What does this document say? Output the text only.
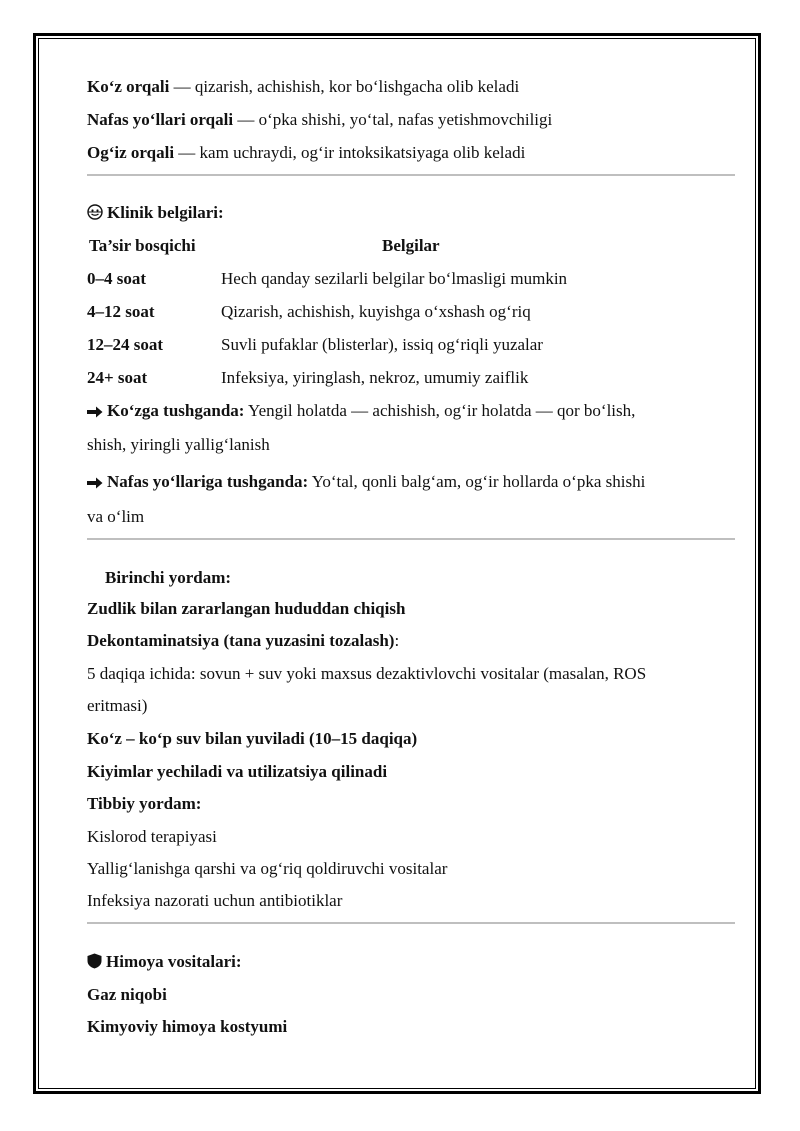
Ko‘z orqali — qizarish, achishish, kor bo‘lishgacha olib keladi
Nafas yo‘llari orqali — o‘pka shishi, yo‘tal, nafas yetishmovchiligi
Og‘iz orqali — kam uchraydi, og‘ir intoksikatsiyaga olib keladi
Klinik belgilari:
Ta’sir bosqichi	Belgilar
0–4 soat	Hech qanday sezilarli belgilar bo‘lmasligi mumkin
4–12 soat	Qizarish, achishish, kuyishga o‘xshash og‘riq
12–24 soat	Suvli pufaklar (blisterlar), issiq og‘riqli yuzalar
24+ soat	Infeksiya, yiringlash, nekroz, umumiy zaiflik
Ko‘zga tushganda: Yengil holatda — achishish, og‘ir holatda — qor bo‘lish,
shish, yiringli yallig‘lanish
Nafas yo‘llariga tushganda: Yo‘tal, qonli balg‘am, og‘ir hollarda o‘pka shishi
va o‘lim
Birinchi yordam:
Zudlik bilan zararlangan hududdan chiqish
Dekontaminatsiya (tana yuzasini tozalash):
5 daqiqa ichida: sovun + suv yoki maxsus dezaktivlovchi vositalar (masalan, ROS
eritmasi)
Ko‘z – ko‘p suv bilan yuviladi (10–15 daqiqa)
Kiyimlar yechiladi va utilizatsiya qilinadi
Tibbiy yordam:
Kislorod terapiyasi
Yallig‘lanishga qarshi va og‘riq qoldiruvchi vositalar
Infeksiya nazorati uchun antibiotiklar
Himoya vositalari:
Gaz niqobi
Kimyoviy himoya kostyumi
